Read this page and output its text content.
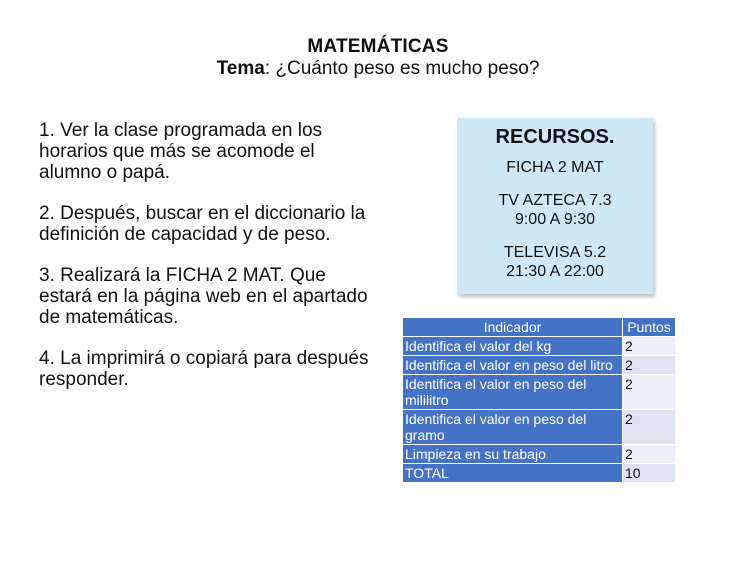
MATEMÁTICAS
Tema: ¿Cuánto peso es mucho peso?

1. Ver la clase programada en los horarios que más se acomode el alumno o papá.

2. Después, buscar en el diccionario la definición de capacidad y de peso.

3. Realizará la FICHA 2 MAT. Que estará en la página web en el apartado de matemáticas.

4. La imprimirá o copiará para después responder.

RECURSOS.
FICHA 2 MAT
TV AZTECA 7.3
9:00 A 9:30
TELEVISA 5.2
21:30 A 22:00
Indicador	Puntos
Identifica el valor del kg	2
Identifica el valor en peso del litro	2
Identifica el valor en peso del mililitro	2
Identifica el valor en peso del gramo	2
Limpieza en su trabajo	2
TOTAL	10
